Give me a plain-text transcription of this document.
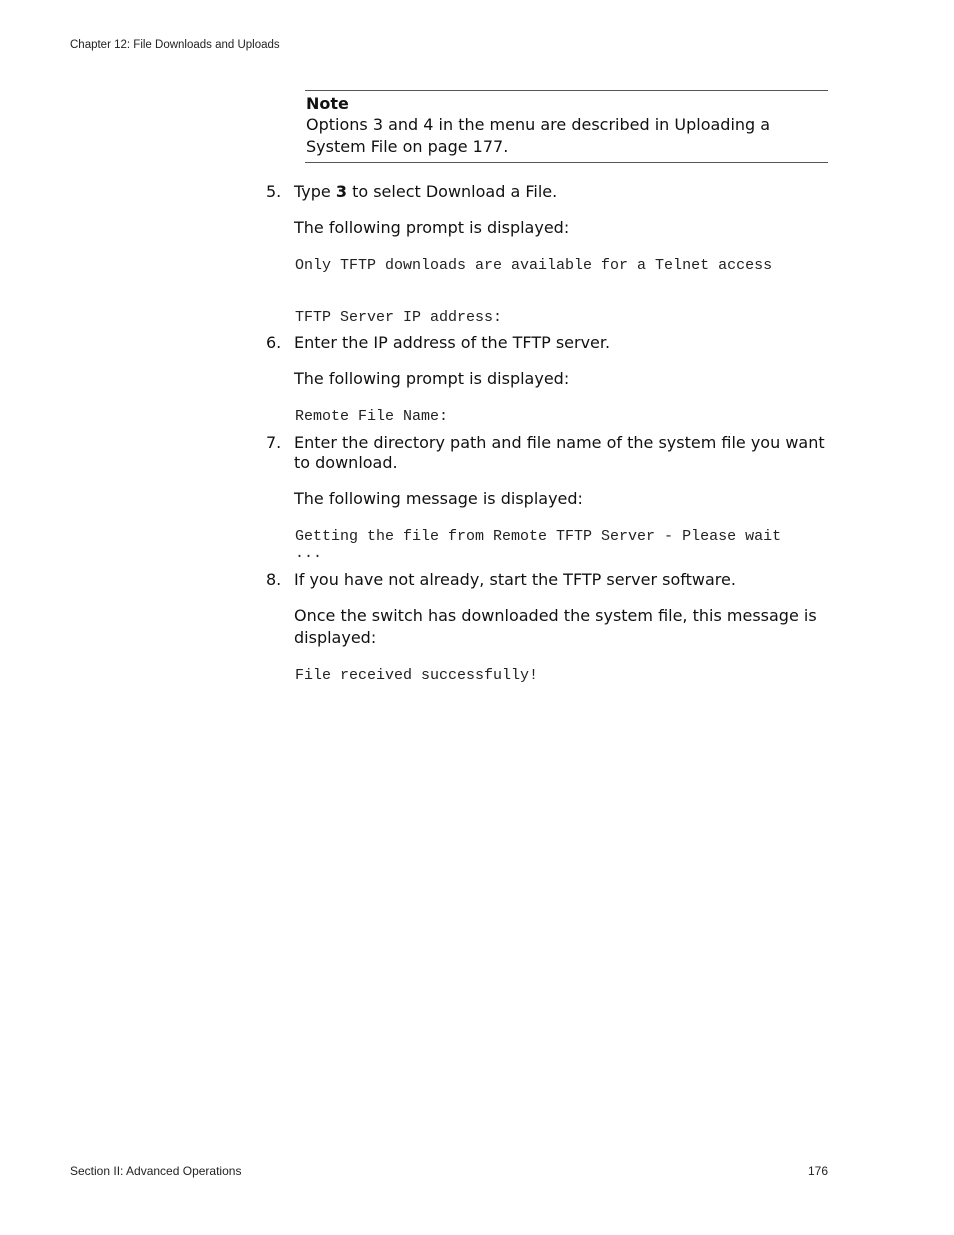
Chapter 12: File Downloads and Uploads
Note
Options 3 and 4 in the menu are described in Uploading a System File on page 177.
5. Type 3 to select Download a File.
The following prompt is displayed:
Only TFTP downloads are available for a Telnet access
TFTP Server IP address:
6. Enter the IP address of the TFTP server.
The following prompt is displayed:
Remote File Name:
7. Enter the directory path and file name of the system file you want to download.
The following message is displayed:
Getting the file from Remote TFTP Server - Please wait ...
8. If you have not already, start the TFTP server software.
Once the switch has downloaded the system file, this message is displayed:
File received successfully!
Section II: Advanced Operations	176
